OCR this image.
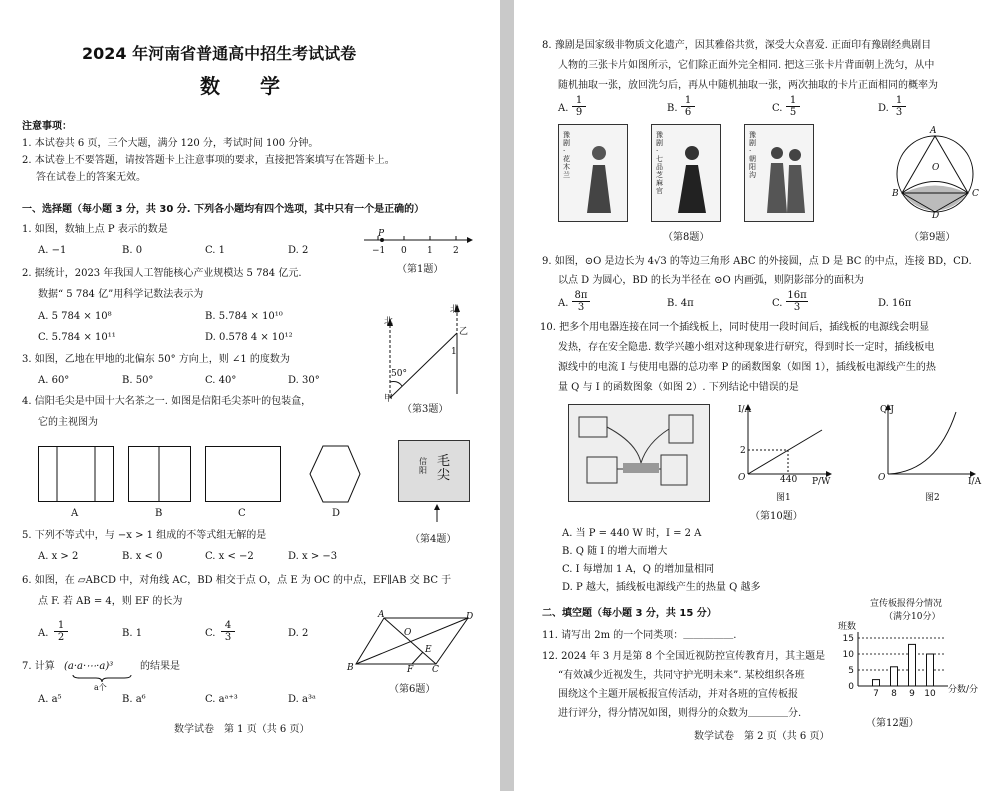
2024 年河南省普通高中招生考试试卷
数　　学
注意事项：
1. 本试卷共 6 页，三个大题，满分 120 分，考试时间 100 分钟。
2. 本试卷上不要答题，请按答题卡上注意事项的要求，直接把答案填写在答题卡上。
答在试卷上的答案无效。
一、选择题（每小题 3 分，共 30 分. 下列各小题均有四个选项，其中只有一个是正确的）
1. 如图，数轴上点 P 表示的数是
A. −1	B. 0	C. 1	D. 2
P
−1 0 1 2
（第1题）
2. 据统计，2023 年我国人工智能核心产业规模达 5 784 亿元.
数据“ 5 784 亿”用科学记数法表示为
A. 5 784 × 10⁸	B. 5.784 × 10¹⁰
C. 5.784 × 10¹¹	D. 0.578 4 × 10¹²
北
北
乙
50°
1
甲
（第3题）
3. 如图，乙地在甲地的北偏东 50° 方向上，则 ∠1 的度数为
A. 60°	B. 50°	C. 40°	D. 30°
4. 信阳毛尖是中国十大名茶之一. 如图是信阳毛尖茶叶的包装盒，
它的主视图为
A	B	C	D
毛尖
信阳
（第4题）
5. 下列不等式中，与 −x > 1 组成的不等式组无解的是
A. x > 2	B. x < 0	C. x < −2	D. x > −3
6. 如图，在 ▱ABCD 中，对角线 AC，BD 相交于点 O，点 E 为 OC 的中点，EF∥AB 交 BC 于
点 F. 若 AB = 4，则 EF 的长为
A. $\frac{1}{2}$	B. 1	C. $\frac{4}{3}$	D. 2
A	D
O
E
B	F C
（第6题）
7. 计算 (a·a·⋯·a)³
a个
的结果是
A. a⁵	B. a⁶	C. aᵃ⁺³	D. a³ᵃ
数学试卷　第 1 页（共 6 页）
8. 豫剧是国家级非物质文化遗产，因其雅俗共赏，深受大众喜爱. 正面印有豫剧经典剧目
人物的三张卡片如图所示，它们除正面外完全相同. 把这三张卡片背面朝上洗匀，从中
随机抽取一张，放回洗匀后，再从中随机抽取一张，两次抽取的卡片正面相同的概率为
A. $\frac{1}{9}$	B. $\frac{1}{6}$	C. $\frac{1}{5}$	D. $\frac{1}{3}$
豫剧·花木兰
豫剧·七品芝麻官
豫剧·朝阳沟
（第8题）
A
O
B	C
D
（第9题）
9. 如图，⊙O 是边长为 4√3 的等边三角形 ABC 的外接圆，点 D 是 BC 的中点，连接 BD，CD.
以点 D 为圆心，BD 的长为半径在 ⊙O 内画弧，则阴影部分的面积为
A. $\frac{8\pi}{3}$	B. 4π	C. $\frac{16\pi}{3}$	D. 16π
10. 把多个用电器连接在同一个插线板上，同时使用一段时间后，插线板的电源线会明显
发热，存在安全隐患. 数学兴趣小组对这种现象进行研究，得到时长一定时，插线板电
源线中的电流 I 与使用电器的总功率 P 的函数图象（如图 1），插线板电源线产生的热
量 Q 与 I 的函数图象（如图 2）. 下列结论中错误的是
I/A
P/W
O
2
440
图1
Q/J
I/A
O
图2
（第10题）
A. 当 P = 440 W 时，I = 2 A
B. Q 随 I 的增大而增大
C. I 每增加 1 A，Q 的增加量相同
D. P 越大，插线板电源线产生的热量 Q 越多
二、填空题（每小题 3 分，共 15 分）
11. 请写出 2m 的一个同类项：＿＿＿＿＿.
12. 2024 年 3 月是第 8 个全国近视防控宣传教育月，其主题是
“有效减少近视发生，共同守护光明未来”. 某校组织各班
围绕这个主题开展板报宣传活动，并对各班的宣传板报
进行评分，得分情况如图，则得分的众数为＿＿＿＿分.
宣传板报得分情况
（满分10分）
班数
分数/分
0
5
10
15
7 8 9 10
（第12题）
数学试卷　第 2 页（共 6 页）
